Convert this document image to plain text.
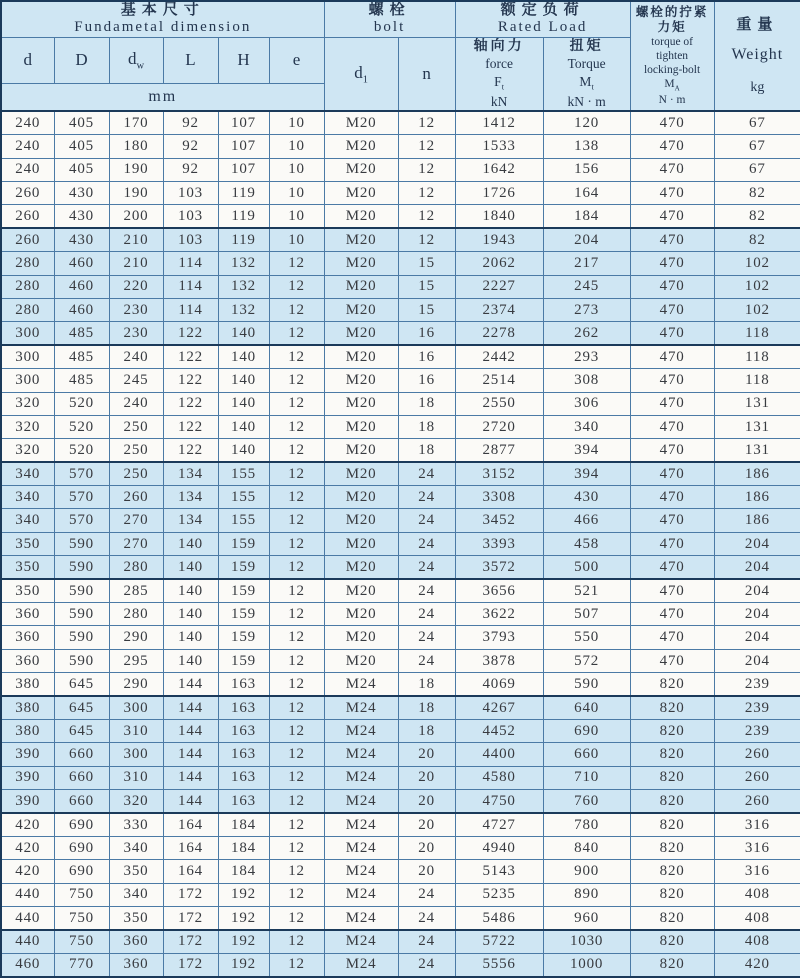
基本尺寸
Fundametal dimension

螺栓
bolt

额定负荷
Rated Load

螺栓的拧紧
力矩
torque of
tighten
locking-bolt
$M_A$
N · m

重量
Weight
kg

d	D	$d_w$	L	H	e	$d_1$	n	
轴向力
force
$F_t$
kN

扭矩
Torque
$M_t$
kN · m

mm											
240	405	170	92	107	10	M20	12	1412	120	470	67
240	405	180	92	107	10	M20	12	1533	138	470	67
240	405	190	92	107	10	M20	12	1642	156	470	67
260	430	190	103	119	10	M20	12	1726	164	470	82
260	430	200	103	119	10	M20	12	1840	184	470	82
260	430	210	103	119	10	M20	12	1943	204	470	82
280	460	210	114	132	12	M20	15	2062	217	470	102
280	460	220	114	132	12	M20	15	2227	245	470	102
280	460	230	114	132	12	M20	15	2374	273	470	102
300	485	230	122	140	12	M20	16	2278	262	470	118
300	485	240	122	140	12	M20	16	2442	293	470	118
300	485	245	122	140	12	M20	16	2514	308	470	118
320	520	240	122	140	12	M20	18	2550	306	470	131
320	520	250	122	140	12	M20	18	2720	340	470	131
320	520	250	122	140	12	M20	18	2877	394	470	131
340	570	250	134	155	12	M20	24	3152	394	470	186
340	570	260	134	155	12	M20	24	3308	430	470	186
340	570	270	134	155	12	M20	24	3452	466	470	186
350	590	270	140	159	12	M20	24	3393	458	470	204
350	590	280	140	159	12	M20	24	3572	500	470	204
350	590	285	140	159	12	M20	24	3656	521	470	204
360	590	280	140	159	12	M20	24	3622	507	470	204
360	590	290	140	159	12	M20	24	3793	550	470	204
360	590	295	140	159	12	M20	24	3878	572	470	204
380	645	290	144	163	12	M24	18	4069	590	820	239
380	645	300	144	163	12	M24	18	4267	640	820	239
380	645	310	144	163	12	M24	18	4452	690	820	239
390	660	300	144	163	12	M24	20	4400	660	820	260
390	660	310	144	163	12	M24	20	4580	710	820	260
390	660	320	144	163	12	M24	20	4750	760	820	260
420	690	330	164	184	12	M24	20	4727	780	820	316
420	690	340	164	184	12	M24	20	4940	840	820	316
420	690	350	164	184	12	M24	20	5143	900	820	316
440	750	340	172	192	12	M24	24	5235	890	820	408
440	750	350	172	192	12	M24	24	5486	960	820	408
440	750	360	172	192	12	M24	24	5722	1030	820	408
460	770	360	172	192	12	M24	24	5556	1000	820	420
